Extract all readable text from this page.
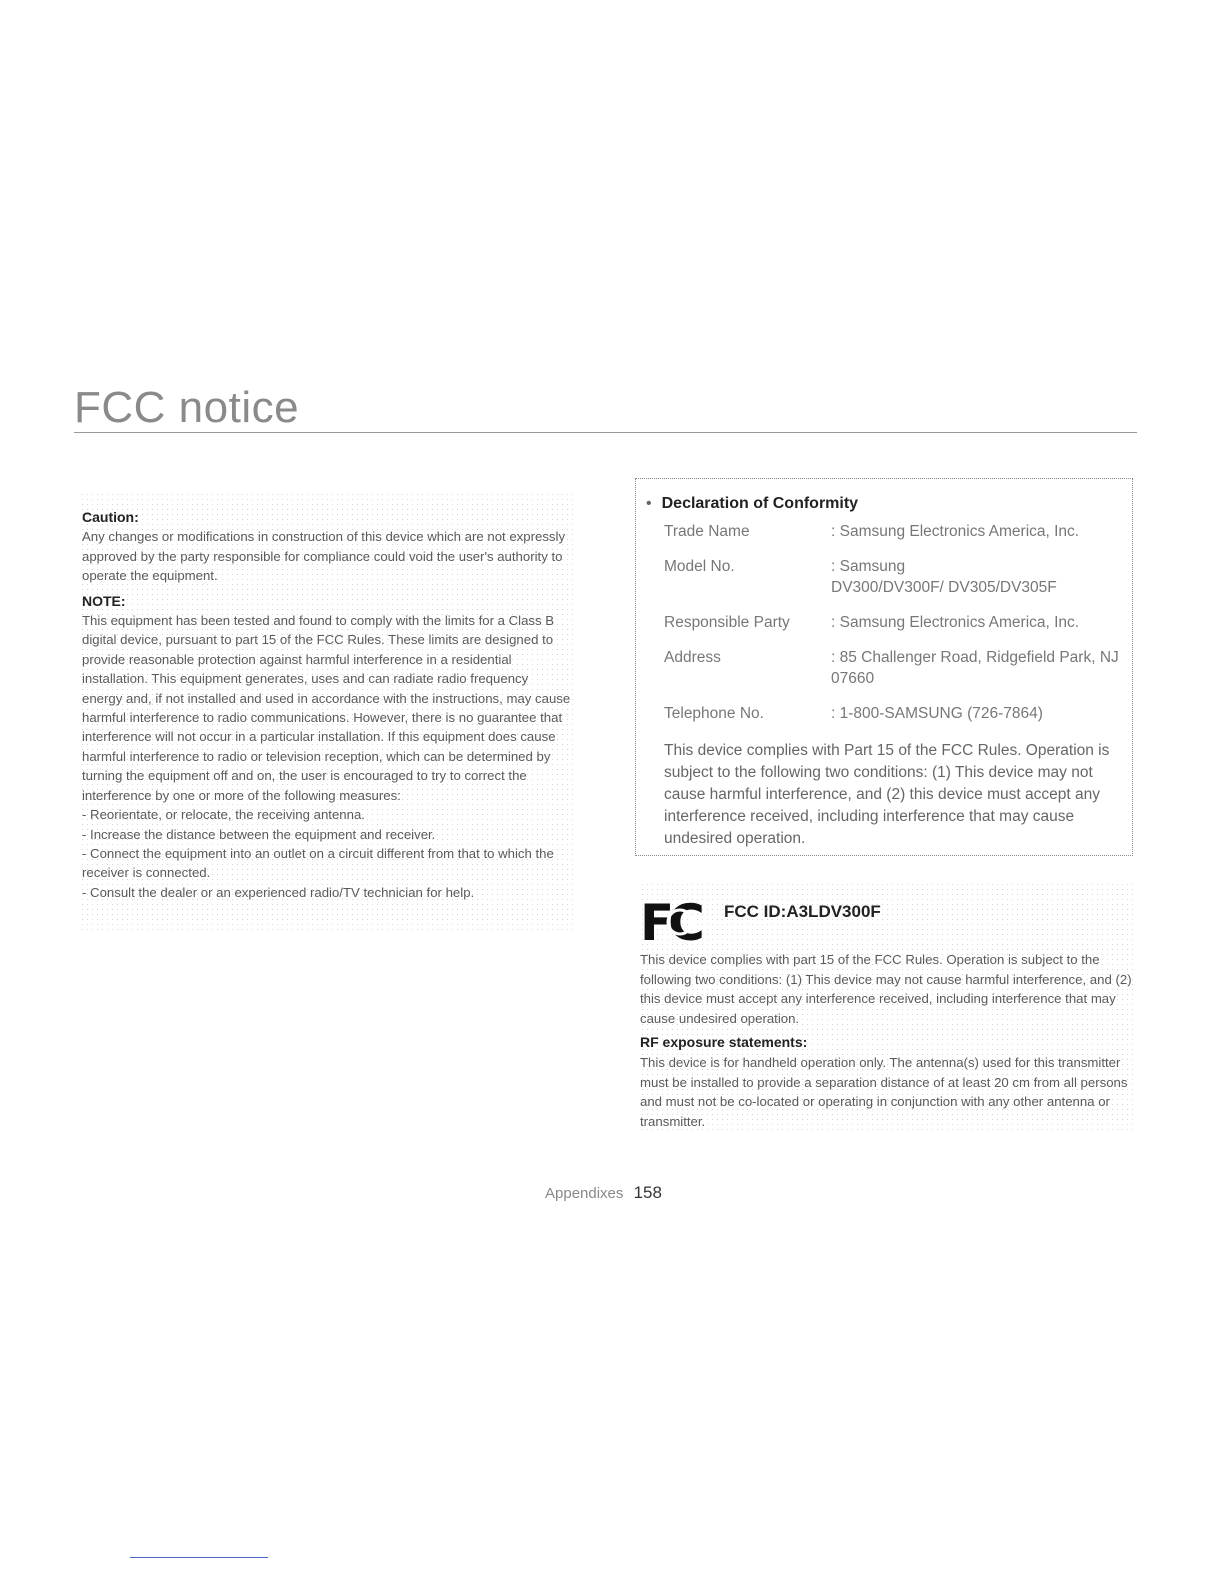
FCC notice
Caution:

Any changes or modifications in construction of this device which are not expressly approved by the party responsible for compliance could void the user's authority to operate the equipment.

NOTE:

This equipment has been tested and found to comply with the limits for a Class B digital device, pursuant to part 15 of the FCC Rules. These limits are designed to provide reasonable protection against harmful interference in a residential installation. This equipment generates, uses and can radiate radio frequency energy and, if not installed and used in accordance with the instructions, may cause harmful interference to radio communications. However, there is no guarantee that interference will not occur in a particular installation. If this equipment does cause harmful interference to radio or television reception, which can be determined by turning the equipment off and on, the user is encouraged to try to correct the interference by one or more of the following measures:

- Reorientate, or relocate, the receiving antenna.

- Increase the distance between the equipment and receiver.

- Connect the equipment into an outlet on a circuit different from that to which the receiver is connected.

- Consult the dealer or an experienced radio/TV technician for help.

• Declaration of Conformity
Trade Name	: Samsung Electronics America, Inc.
Model No.	: Samsung DV300/DV300F/ DV305/DV305F
Responsible Party	: Samsung Electronics America, Inc.
Address	: 85 Challenger Road, Ridgefield Park, NJ 07660
Telephone No.	: 1-800-SAMSUNG (726-7864)

This device complies with Part 15 of the FCC Rules. Operation is subject to the following two conditions: (1) This device may not cause harmful interference, and (2) this device must accept any interference received, including interference that may cause undesired operation.

FC FCC ID:A3LDV300F

This device complies with part 15 of the FCC Rules. Operation is subject to the following two conditions: (1) This device may not cause harmful interference, and (2) this device must accept any interference received, including interference that may cause undesired operation.

RF exposure statements:

This device is for handheld operation only. The antenna(s) used for this transmitter must be installed to provide a separation distance of at least 20 cm from all persons and must not be co-located or operating in conjunction with any other antenna or transmitter.

Appendixes 158
